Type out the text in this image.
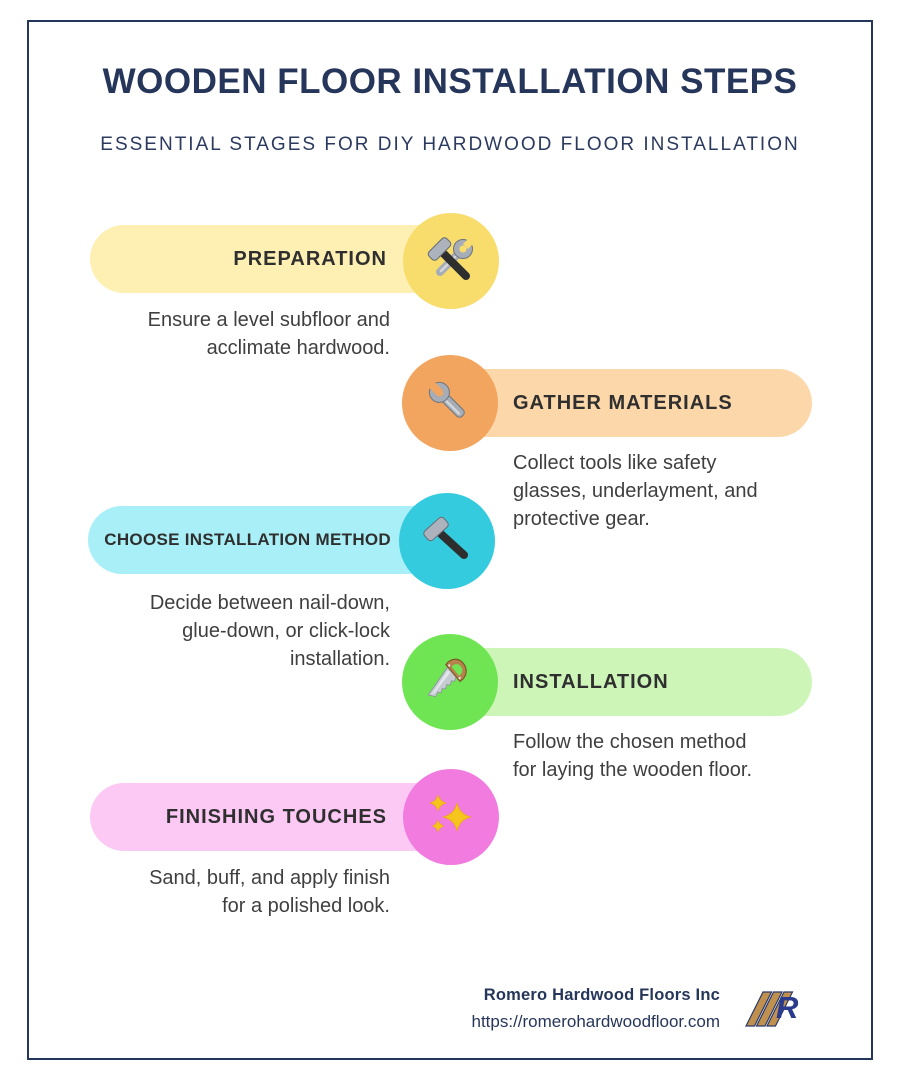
WOODEN FLOOR INSTALLATION STEPS
ESSENTIAL STAGES FOR DIY HARDWOOD FLOOR INSTALLATION
PREPARATION
Ensure a level subfloor and
acclimate hardwood.
GATHER MATERIALS
Collect tools like safety
glasses, underlayment, and
protective gear.
CHOOSE INSTALLATION METHOD
Decide between nail-down,
glue-down, or click-lock
installation.
INSTALLATION
Follow the chosen method
for laying the wooden floor.
FINISHING TOUCHES
Sand, buff, and apply finish
for a polished look.
Romero Hardwood Floors Inc
https://romerohardwoodfloor.com R
